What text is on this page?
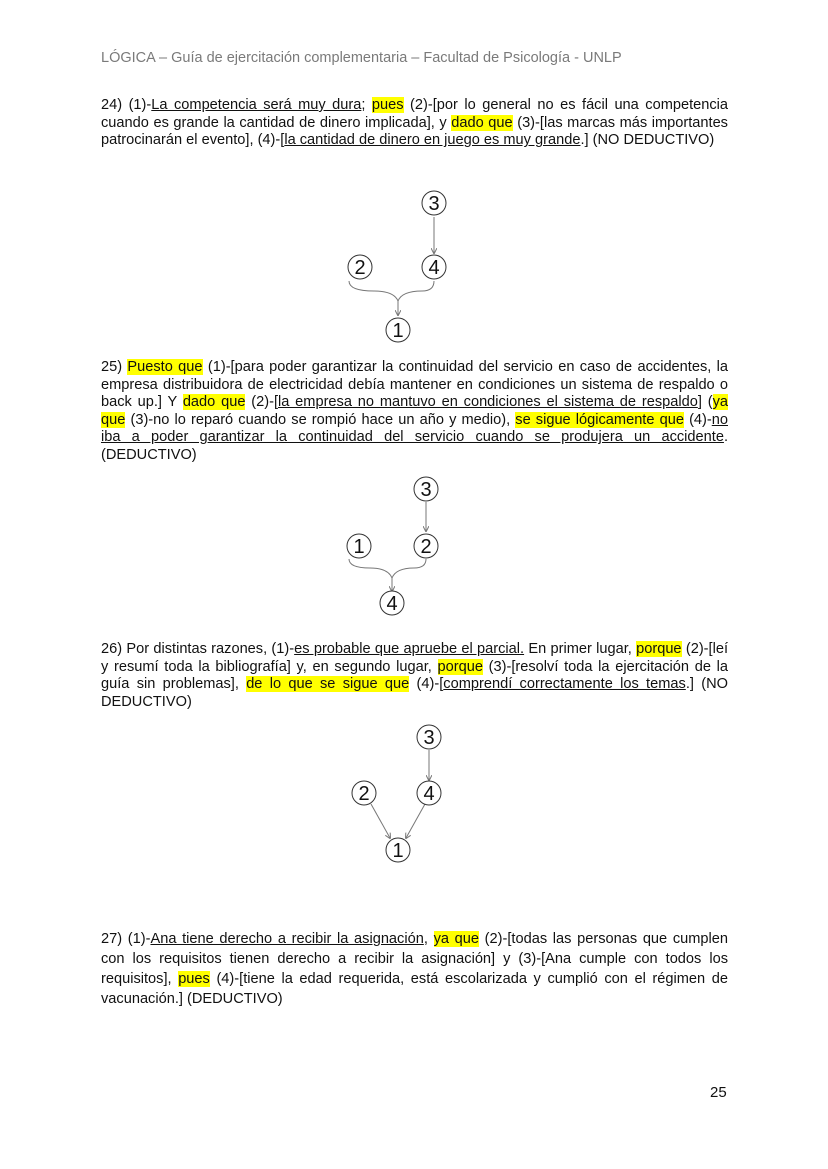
LÓGICA – Guía de ejercitación complementaria – Facultad de Psicología - UNLP

24) (1)-La competencia será muy dura; pues (2)-[por lo general no es fácil una competencia cuando es grande la cantidad de dinero implicada], y dado que (3)-[las marcas más importantes patrocinarán el evento], (4)-[la cantidad de dinero en juego es muy grande.] (NO DEDUCTIVO)

3
2	4
1

25) Puesto que (1)-[para poder garantizar la continuidad del servicio en caso de accidentes, la empresa distribuidora de electricidad debía mantener en condiciones un sistema de respaldo o back up.] Y dado que (2)-[la empresa no mantuvo en condiciones el sistema de respaldo] (ya que (3)-no lo reparó cuando se rompió hace un año y medio), se sigue lógicamente que (4)-no iba a poder garantizar la continuidad del servicio cuando se produjera un accidente. (DEDUCTIVO)

3
1	2
4

26) Por distintas razones, (1)-es probable que apruebe el parcial. En primer lugar, porque (2)-[leí y resumí toda la bibliografía] y, en segundo lugar, porque (3)-[resolví toda la ejercitación de la guía sin problemas], de lo que se sigue que (4)-[comprendí correctamente los temas.] (NO DEDUCTIVO)

3
2	4
1

27) (1)-Ana tiene derecho a recibir la asignación, ya que (2)-[todas las personas que cumplen con los requisitos tienen derecho a recibir la asignación] y (3)-[Ana cumple con todos los requisitos], pues (4)-[tiene la edad requerida, está escolarizada y cumplió con el régimen de vacunación.] (DEDUCTIVO)

25
